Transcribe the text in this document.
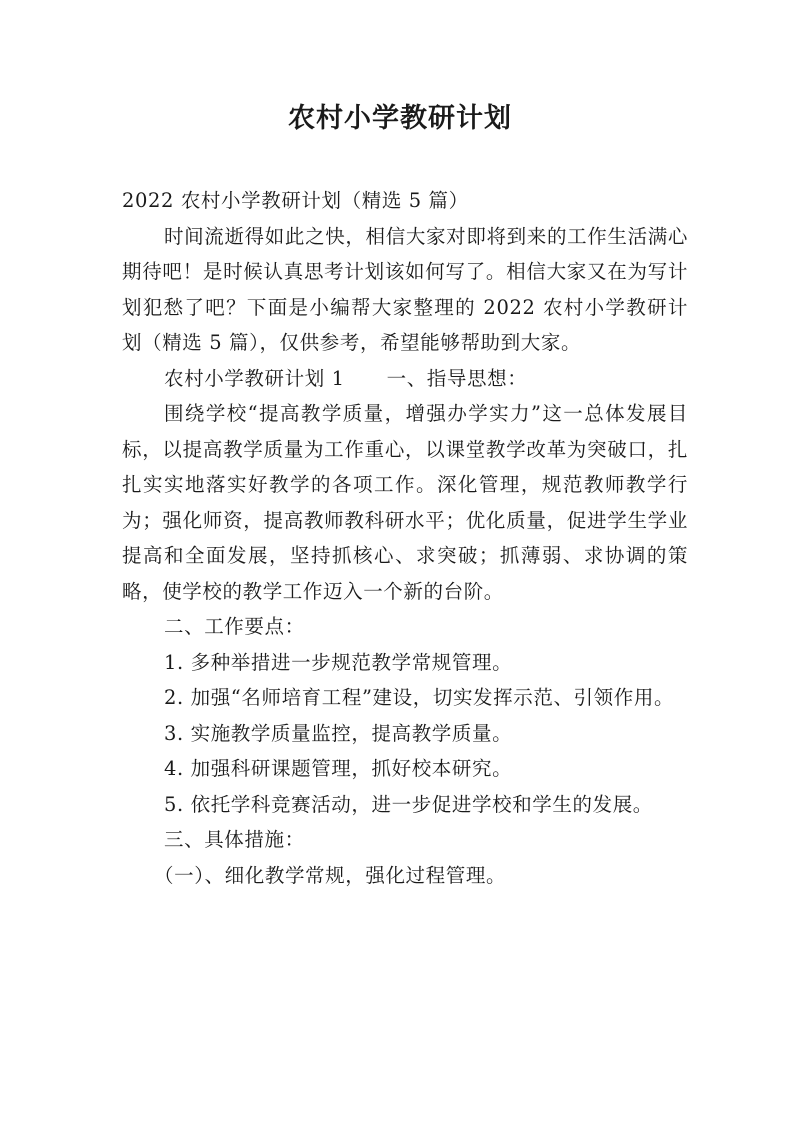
农村小学教研计划

2022 农村小学教研计划（精选 5 篇）

时间流逝得如此之快，相信大家对即将到来的工作生活满心期待吧！是时候认真思考计划该如何写了。相信大家又在为写计划犯愁了吧？下面是小编帮大家整理的 2022 农村小学教研计划（精选 5 篇），仅供参考，希望能够帮助到大家。

农村小学教研计划 1 一、指导思想：

围绕学校“提高教学质量，增强办学实力”这一总体发展目标，以提高教学质量为工作重心，以课堂教学改革为突破口，扎扎实实地落实好教学的各项工作。深化管理，规范教师教学行为；强化师资，提高教师教科研水平；优化质量，促进学生学业提高和全面发展，坚持抓核心、求突破；抓薄弱、求协调的策略，使学校的教学工作迈入一个新的台阶。

二、工作要点：

1. 多种举措进一步规范教学常规管理。

2. 加强“名师培育工程”建设，切实发挥示范、引领作用。

3. 实施教学质量监控，提高教学质量。

4. 加强科研课题管理，抓好校本研究。

5. 依托学科竞赛活动，进一步促进学校和学生的发展。

三、具体措施：

（一）、细化教学常规，强化过程管理。
